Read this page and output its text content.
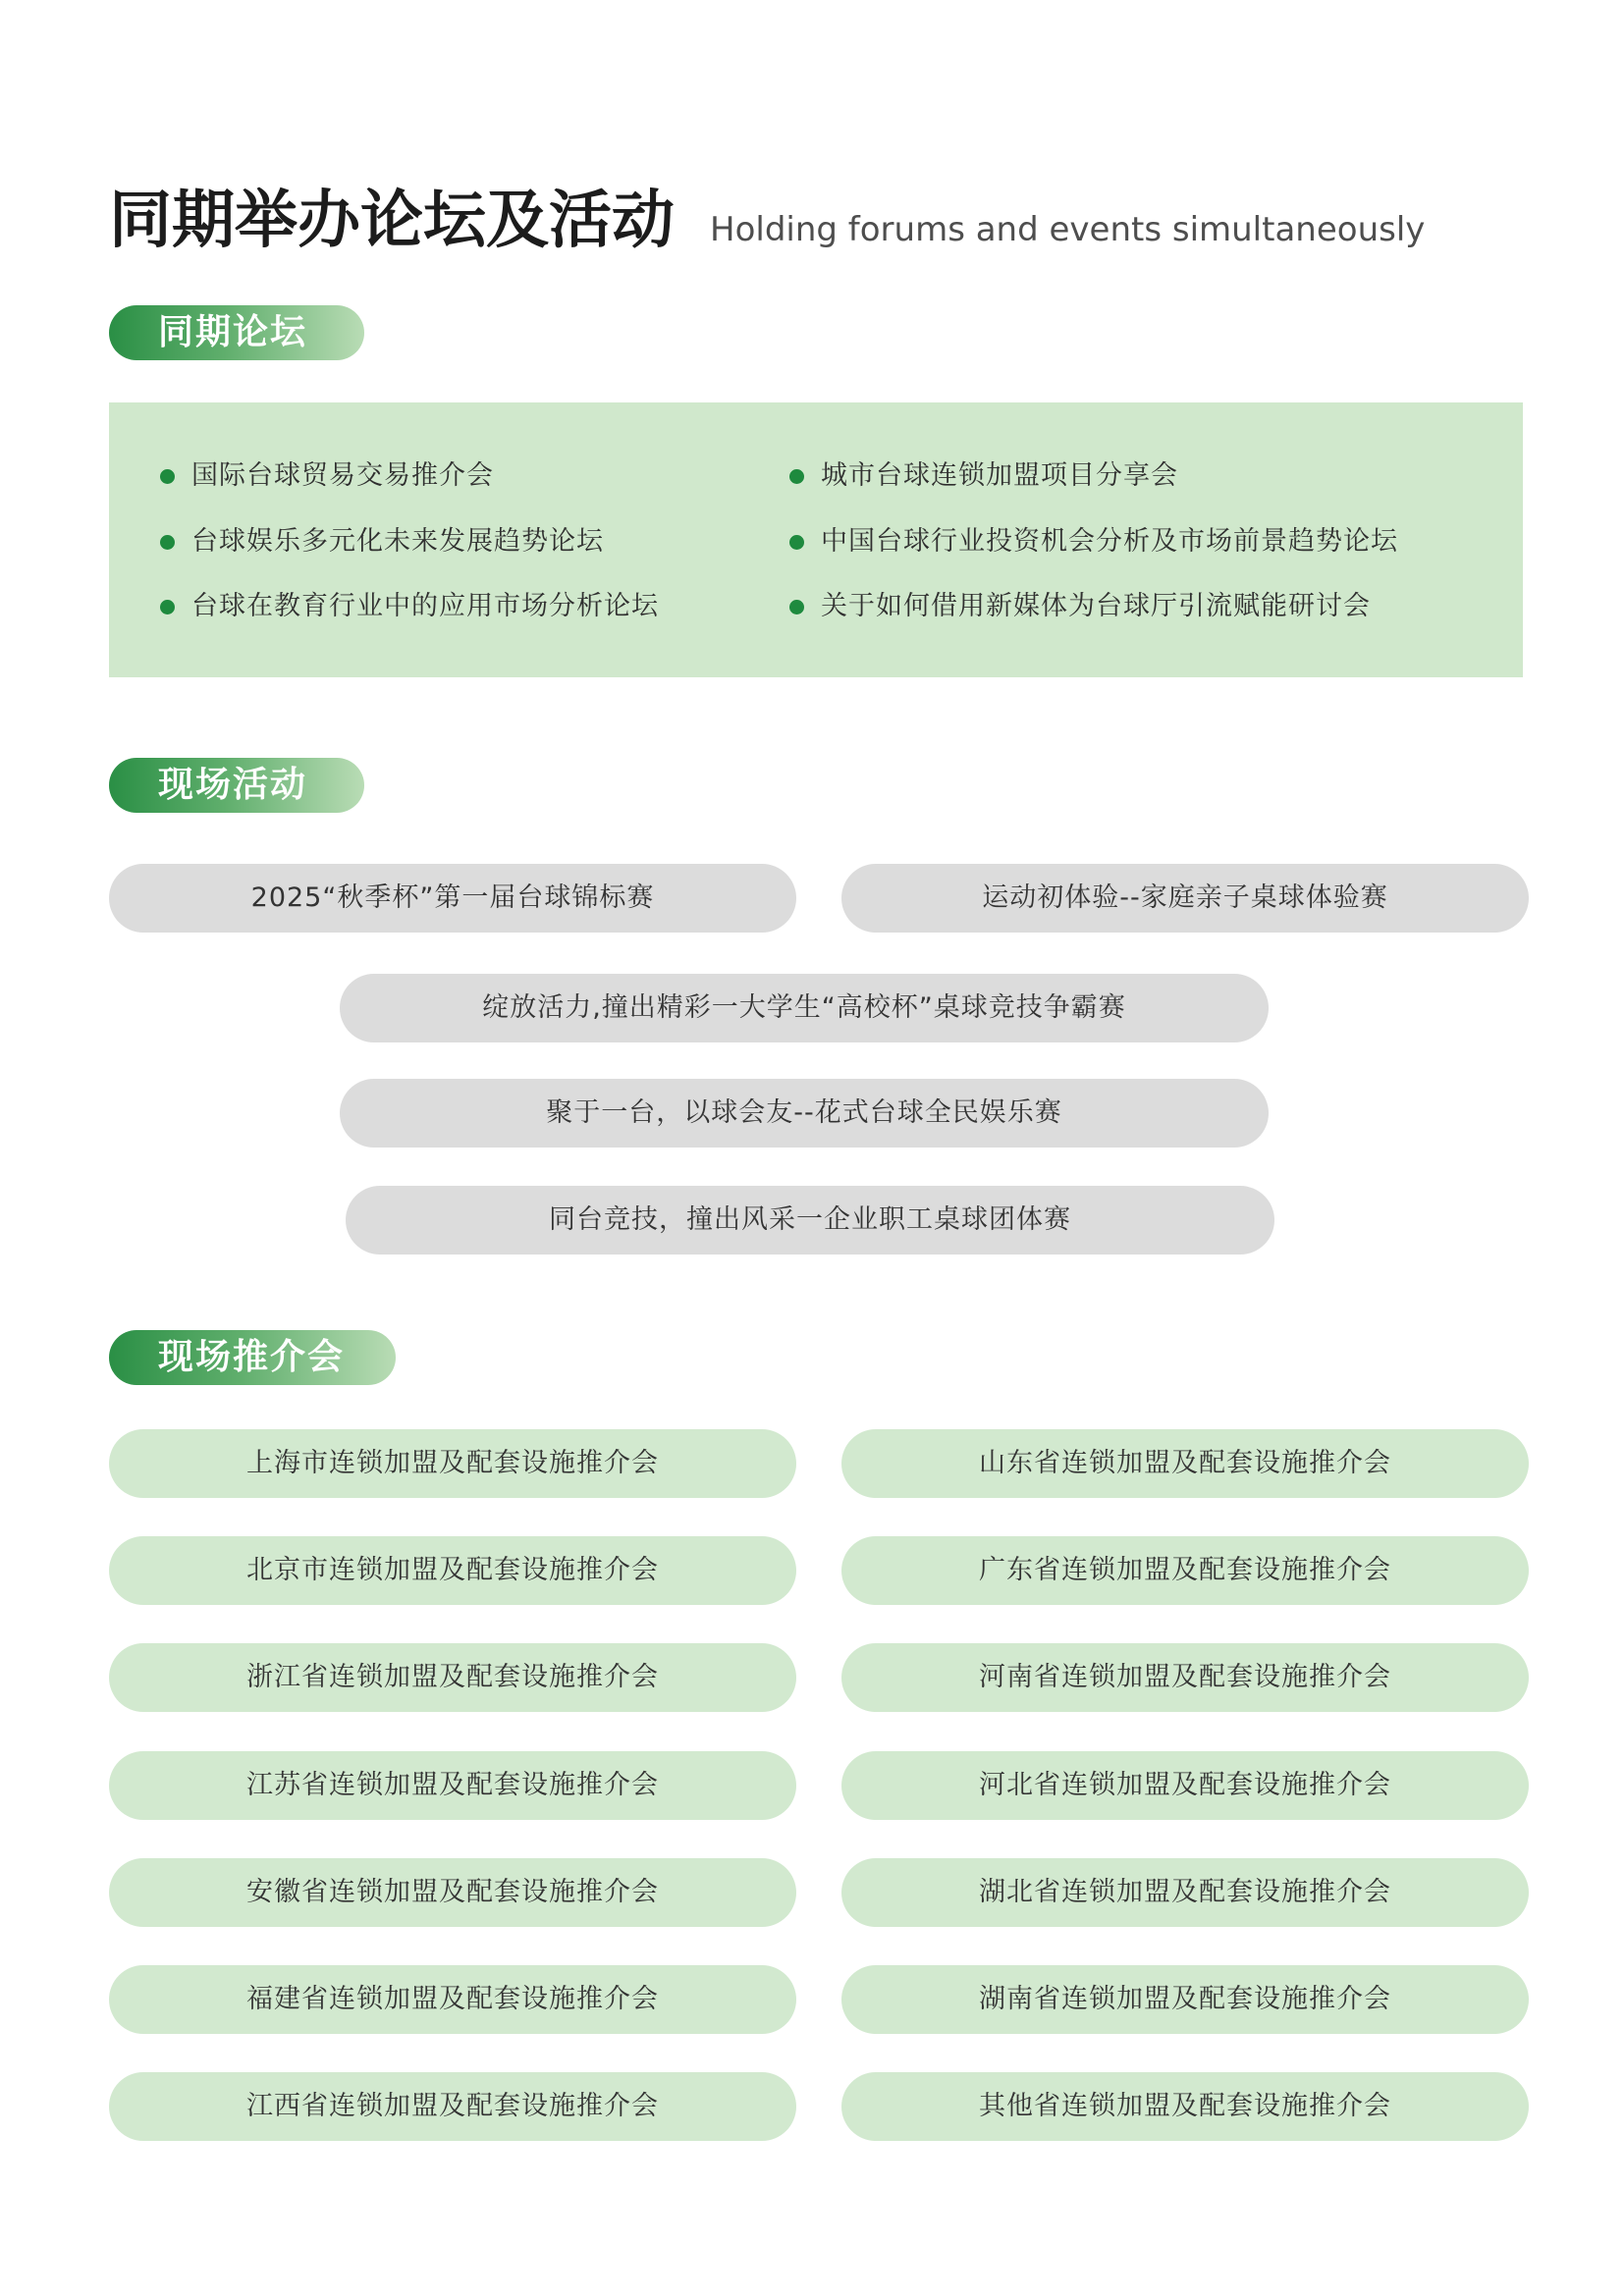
同期举办论坛及活动 Holding forums and events simultaneously
同期论坛
国际台球贸易交易推介会	城市台球连锁加盟项目分享会
台球娱乐多元化未来发展趋势论坛	中国台球行业投资机会分析及市场前景趋势论坛
台球在教育行业中的应用市场分析论坛	关于如何借用新媒体为台球厅引流赋能研讨会
现场活动
2025“秋季杯”第一届台球锦标赛	运动初体验--家庭亲子桌球体验赛
绽放活力,撞出精彩一大学生“高校杯”桌球竞技争霸赛
聚于一台，以球会友--花式台球全民娱乐赛
同台竞技，撞出风采一企业职工桌球团体赛
现场推介会
上海市连锁加盟及配套设施推介会	山东省连锁加盟及配套设施推介会
北京市连锁加盟及配套设施推介会	广东省连锁加盟及配套设施推介会
浙江省连锁加盟及配套设施推介会	河南省连锁加盟及配套设施推介会
江苏省连锁加盟及配套设施推介会	河北省连锁加盟及配套设施推介会
安徽省连锁加盟及配套设施推介会	湖北省连锁加盟及配套设施推介会
福建省连锁加盟及配套设施推介会	湖南省连锁加盟及配套设施推介会
江西省连锁加盟及配套设施推介会	其他省连锁加盟及配套设施推介会
